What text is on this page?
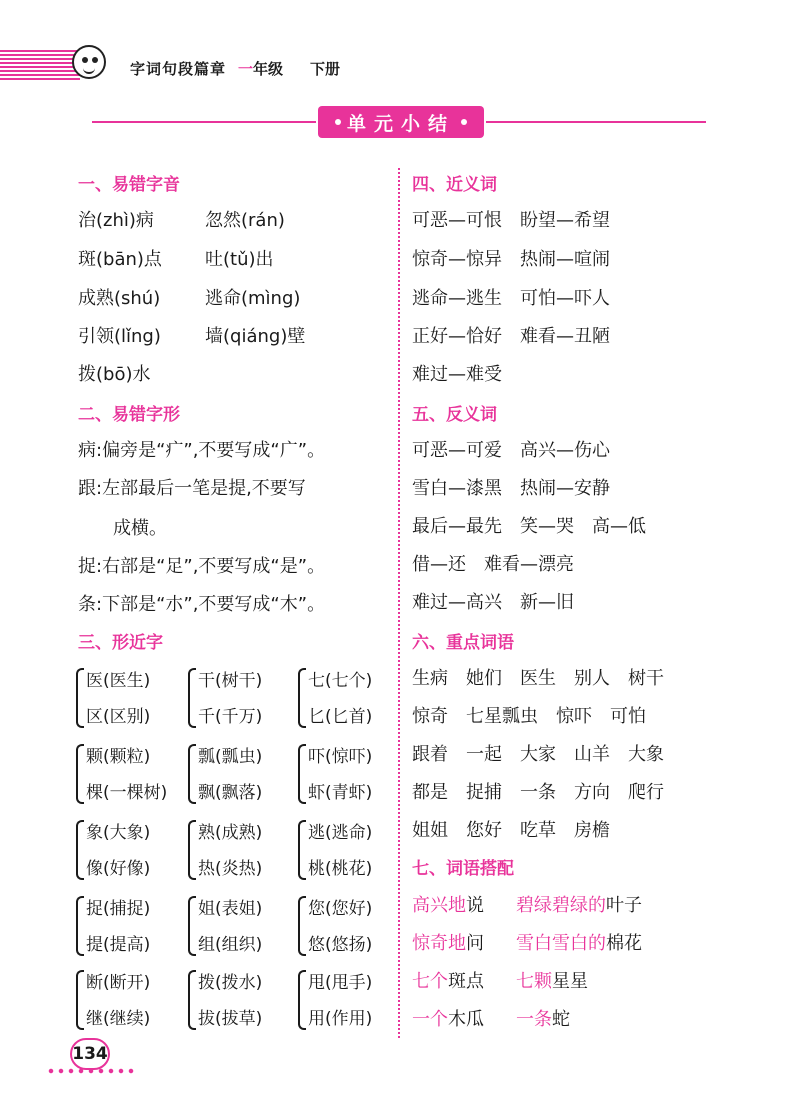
字词句段篇章 一年级 下册
单 元 小 结
一、易错字音
治(zhì)病	忽然(rán)
斑(bān)点 吐(tǔ)出
成熟(shú) 逃命(mìng)
引领(lǐng) 墙(qiáng)壁
拨(bō)水
二、易错字形
病:偏旁是“疒”,不要写成“广”。
跟:左部最后一笔是提,不要写
成横。
捉:右部是“足”,不要写成“是”。
条:下部是“朩”,不要写成“木”。
三、形近字
医(医生)
区(区别)
干(树干)
千(千万)
七(七个)
匕(匕首)
颗(颗粒)
棵(一棵树)
瓢(瓢虫)
飘(飘落)
吓(惊吓)
虾(青虾)
象(大象)
像(好像)
熟(成熟)
热(炎热)
逃(逃命)
桃(桃花)
捉(捕捉)
提(提高)
姐(表姐)
组(组织)
您(您好)
悠(悠扬)
断(断开)
继(继续)
拨(拨水)
拔(拔草)
甩(甩手)
用(作用)
四、近义词
可恶—可恨　盼望—希望
惊奇—惊异　热闹—喧闹
逃命—逃生　可怕—吓人
正好—恰好　难看—丑陋
难过—难受
五、反义词
可恶—可爱　高兴—伤心
雪白—漆黑　热闹—安静
最后—最先　笑—哭　高—低
借—还　难看—漂亮
难过—高兴　新—旧
六、重点词语
生病　她们　医生　别人　树干
惊奇　七星瓢虫　惊吓　可怕
跟着　一起　大家　山羊　大象
都是　捉捕　一条　方向　爬行
姐姐　您好　吃草　房檐
七、词语搭配
高兴地说 碧绿碧绿的叶子
惊奇地问 雪白雪白的棉花
七个斑点 七颗星星
一个木瓜 一条蛇
134
